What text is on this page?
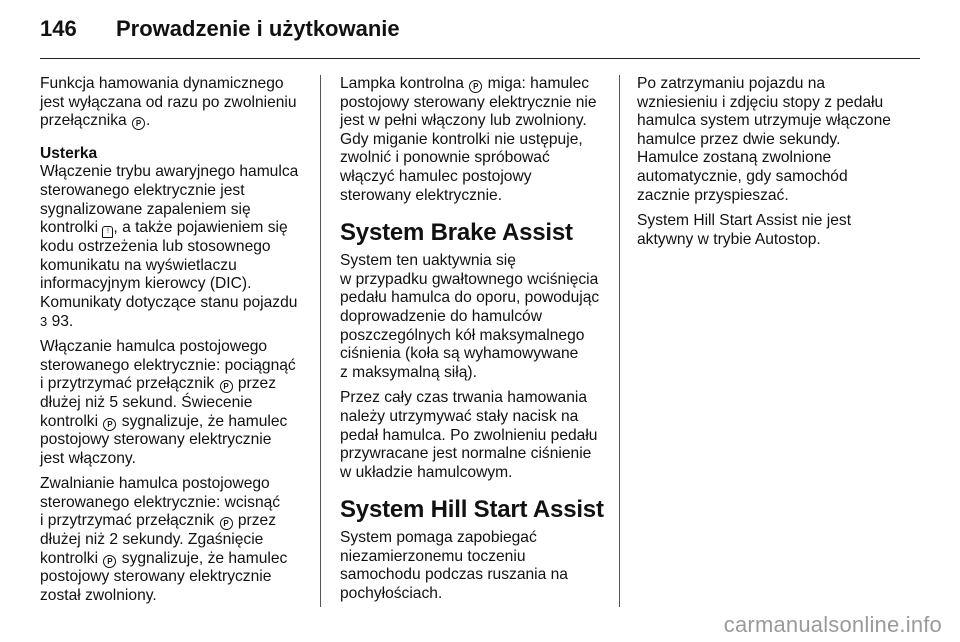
146	Prowadzenie i użytkowanie

Funkcja hamowania dynamicznego
jest wyłączana od razu po zwolnieniu
przełącznika P .

Usterka

Włączenie trybu awaryjnego hamulca
sterowanego elektrycznie jest
sygnalizowane zapaleniem się
kontrolki ! , a także pojawieniem się
kodu ostrzeżenia lub stosownego
komunikatu na wyświetlaczu
informacyjnym kierowcy (DIC).
Komunikaty dotyczące stanu pojazdu
3 93.

Włączanie hamulca postojowego
sterowanego elektrycznie: pociągnąć
i przytrzymać przełącznik P przez
dłużej niż 5 sekund. Świecenie
kontrolki P sygnalizuje, że hamulec
postojowy sterowany elektrycznie
jest włączony.

Zwalnianie hamulca postojowego
sterowanego elektrycznie: wcisnąć
i przytrzymać przełącznik P przez
dłużej niż 2 sekundy. Zgaśnięcie
kontrolki P sygnalizuje, że hamulec
postojowy sterowany elektrycznie
został zwolniony.

Lampka kontrolna P miga: hamulec
postojowy sterowany elektrycznie nie
jest w pełni włączony lub zwolniony.
Gdy miganie kontrolki nie ustępuje,
zwolnić i ponownie spróbować
włączyć hamulec postojowy
sterowany elektrycznie.

System Brake Assist

System ten uaktywnia się
w przypadku gwałtownego wciśnięcia
pedału hamulca do oporu, powodując
doprowadzenie do hamulców
poszczególnych kół maksymalnego
ciśnienia (koła są wyhamowywane
z maksymalną siłą).

Przez cały czas trwania hamowania
należy utrzymywać stały nacisk na
pedał hamulca. Po zwolnieniu pedału
przywracane jest normalne ciśnienie
w układzie hamulcowym.

System Hill Start Assist

System pomaga zapobiegać
niezamierzonemu toczeniu
samochodu podczas ruszania na
pochyłościach.

Po zatrzymaniu pojazdu na
wzniesieniu i zdjęciu stopy z pedału
hamulca system utrzymuje włączone
hamulce przez dwie sekundy.
Hamulce zostaną zwolnione
automatycznie, gdy samochód
zacznie przyspieszać.

System Hill Start Assist nie jest
aktywny w trybie Autostop.

carmanualsonline.info
